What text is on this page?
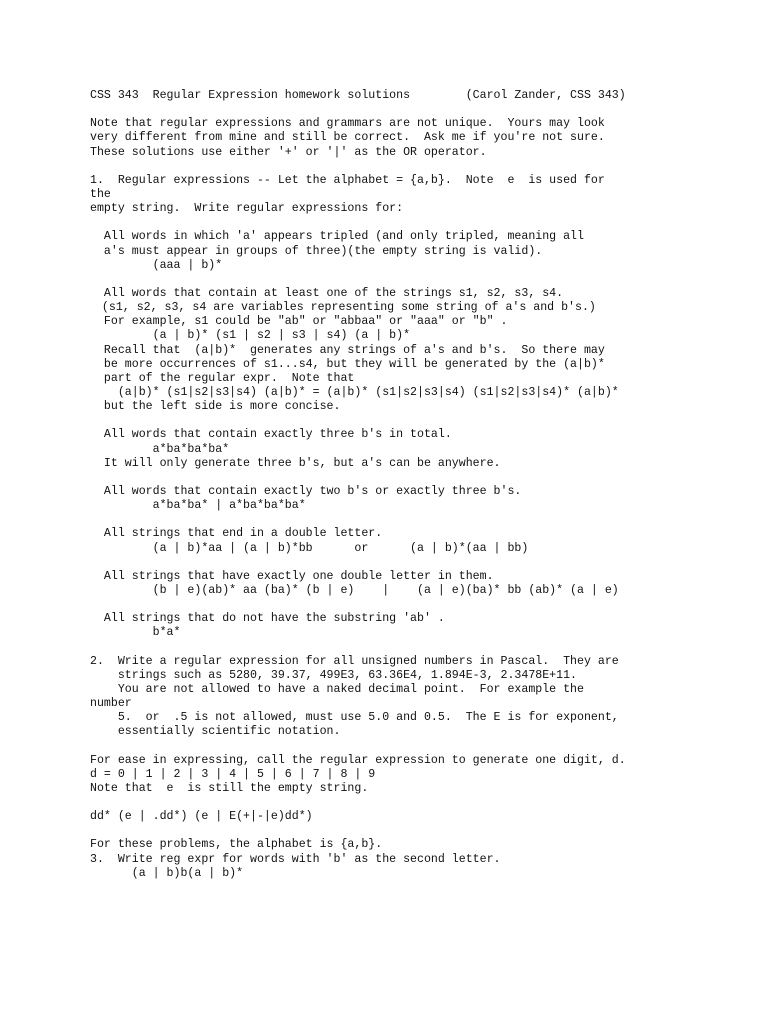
CSS 343  Regular Expression homework solutions        (Carol Zander, CSS 343)
Note that regular expressions and grammars are not unique.  Yours may look
very different from mine and still be correct.  Ask me if you're not sure.
These solutions use either '+' or '|' as the OR operator.
1.  Regular expressions -- Let the alphabet = {a,b}.  Note  e  is used for
the
empty string.  Write regular expressions for:
All words in which 'a' appears tripled (and only tripled, meaning all
a's must appear in groups of three)(the empty string is valid).
(aaa | b)*
All words that contain at least one of the strings s1, s2, s3, s4.
(s1, s2, s3, s4 are variables representing some string of a's and b's.)
For example, s1 could be "ab" or "abbaa" or "aaa" or "b" .
(a | b)* (s1 | s2 | s3 | s4) (a | b)*
Recall that  (a|b)*  generates any strings of a's and b's.  So there may
be more occurrences of s1...s4, but they will be generated by the (a|b)*
part of the regular expr.  Note that
(a|b)* (s1|s2|s3|s4) (a|b)* = (a|b)* (s1|s2|s3|s4) (s1|s2|s3|s4)* (a|b)*
but the left side is more concise.
All words that contain exactly three b's in total.
a*ba*ba*ba*
It will only generate three b's, but a's can be anywhere.
All words that contain exactly two b's or exactly three b's.
a*ba*ba* | a*ba*ba*ba*
All strings that end in a double letter.
(a | b)*aa | (a | b)*bb      or      (a | b)*(aa | bb)
All strings that have exactly one double letter in them.
(b | e)(ab)* aa (ba)* (b | e)    |    (a | e)(ba)* bb (ab)* (a | e)
All strings that do not have the substring 'ab' .
b*a*
2.  Write a regular expression for all unsigned numbers in Pascal.  They are
strings such as 5280, 39.37, 499E3, 63.36E4, 1.894E-3, 2.3478E+11.
You are not allowed to have a naked decimal point.  For example the
number
5.  or  .5 is not allowed, must use 5.0 and 0.5.  The E is for exponent,
essentially scientific notation.
For ease in expressing, call the regular expression to generate one digit, d.
d = 0 | 1 | 2 | 3 | 4 | 5 | 6 | 7 | 8 | 9
Note that  e  is still the empty string.
dd* (e | .dd*) (e | E(+|-|e)dd*)
For these problems, the alphabet is {a,b}.
3.  Write reg expr for words with 'b' as the second letter.
(a | b)b(a | b)*
